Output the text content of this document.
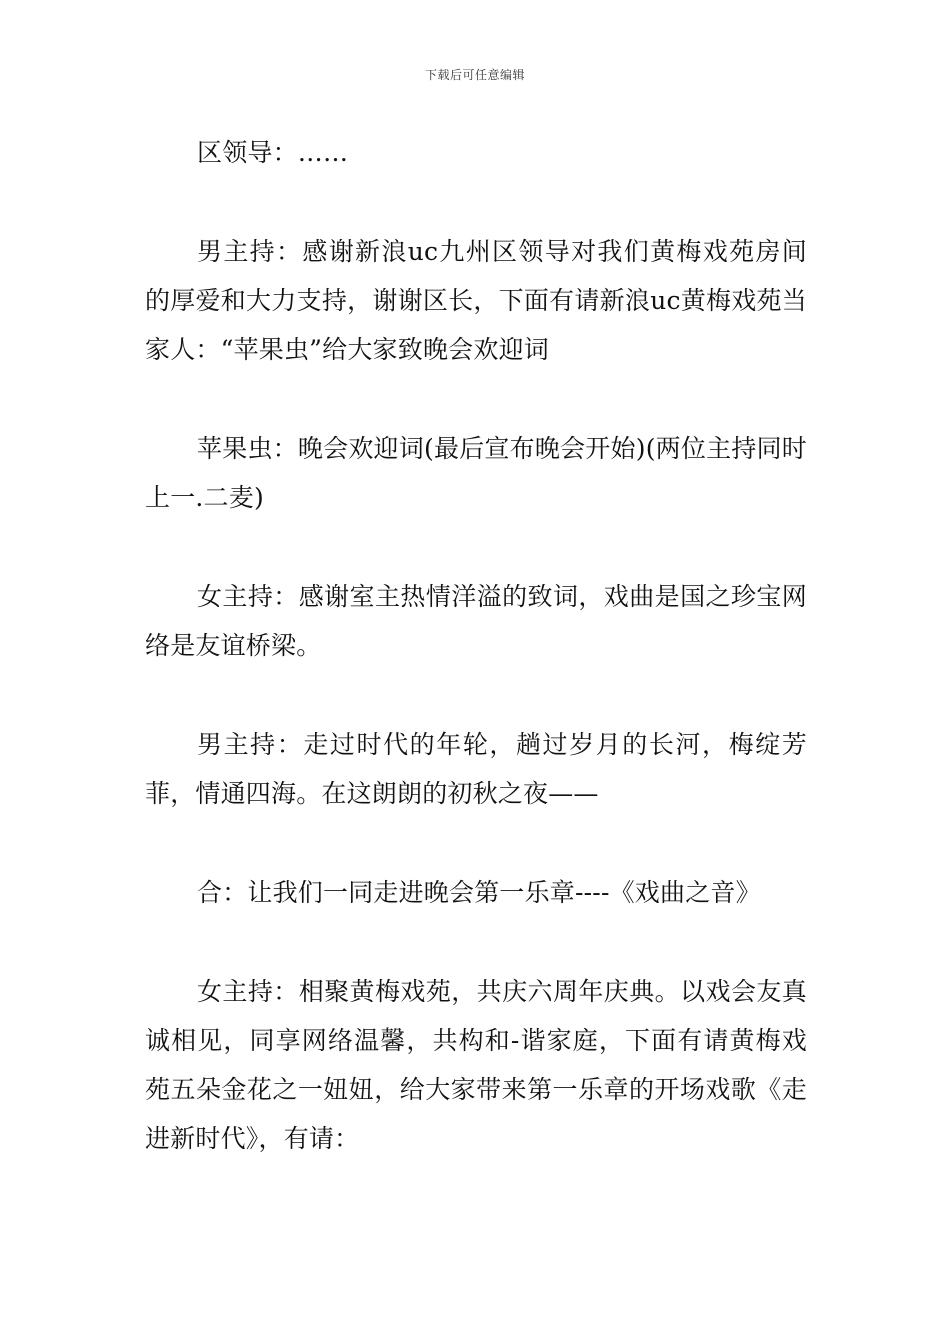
下载后可任意编辑

区领导：……

男主持：感谢新浪uc九州区领导对我们黄梅戏苑房间的厚爱和大力支持，谢谢区长，下面有请新浪uc黄梅戏苑当家人：“苹果虫”给大家致晚会欢迎词

苹果虫：晚会欢迎词(最后宣布晚会开始)(两位主持同时上一.二麦)

女主持：感谢室主热情洋溢的致词，戏曲是国之珍宝网络是友谊桥梁。

男主持：走过时代的年轮，趟过岁月的长河，梅绽芳菲，情通四海。在这朗朗的初秋之夜——

合：让我们一同走进晚会第一乐章----《戏曲之音》

女主持：相聚黄梅戏苑，共庆六周年庆典。以戏会友真诚相见，同享网络温馨，共构和-谐家庭，下面有请黄梅戏苑五朵金花之一妞妞，给大家带来第一乐章的开场戏歌《走进新时代》，有请：
